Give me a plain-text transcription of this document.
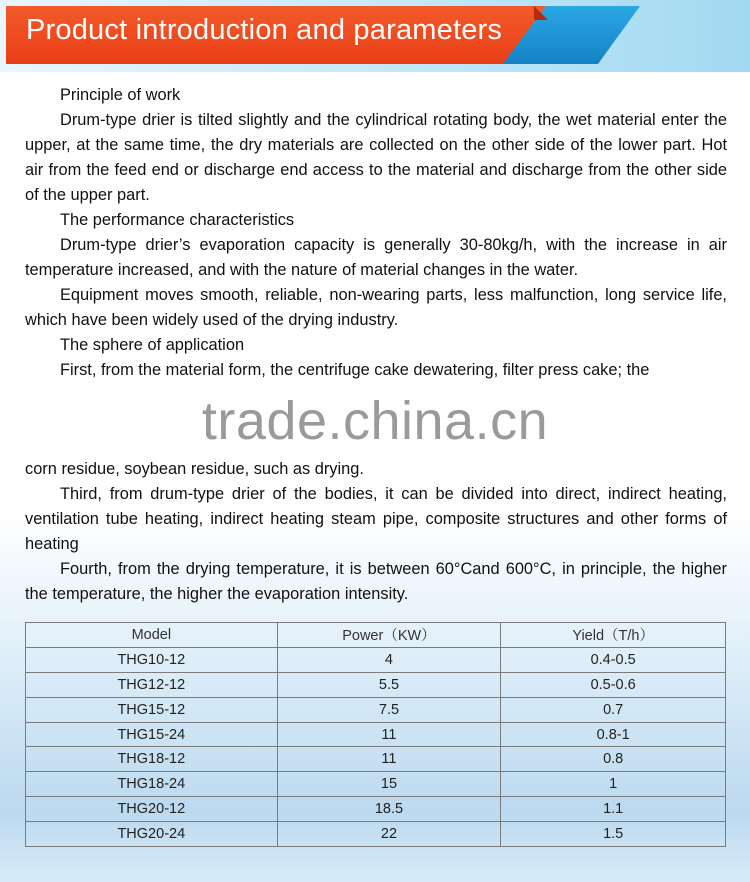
Product introduction and parameters

Principle of work

Drum-type drier is tilted slightly and the cylindrical rotating body, the wet material enter the upper, at the same time, the dry materials are collected on the other side of the lower part. Hot air from the feed end or discharge end access to the material and discharge from the other side of the upper part.

The performance characteristics

Drum-type drier’s evaporation capacity is generally 30-80kg/h, with the increase in air temperature increased, and with the nature of material changes in the water.

Equipment moves smooth, reliable, non-wearing parts, less malfunction, long service life, which have been widely used of the drying industry.

The sphere of application

First, from the material form, the centrifuge cake dewatering, filter press cake; the

trade.china.cn

corn residue, soybean residue, such as drying.

Third, from drum-type drier of the bodies, it can be divided into direct, indirect heating, ventilation tube heating, indirect heating steam pipe, composite structures and other forms of heating

Fourth, from the drying temperature, it is between 60°Cand 600°C, in principle, the higher the temperature, the higher the evaporation intensity.

Model	Power（KW）	Yield（T/h）
THG10-12	4	0.4-0.5
THG12-12	5.5	0.5-0.6
THG15-12	7.5	0.7
THG15-24	11	0.8-1
THG18-12	11	0.8
THG18-24	15	1
THG20-12	18.5	1.1
THG20-24	22	1.5
